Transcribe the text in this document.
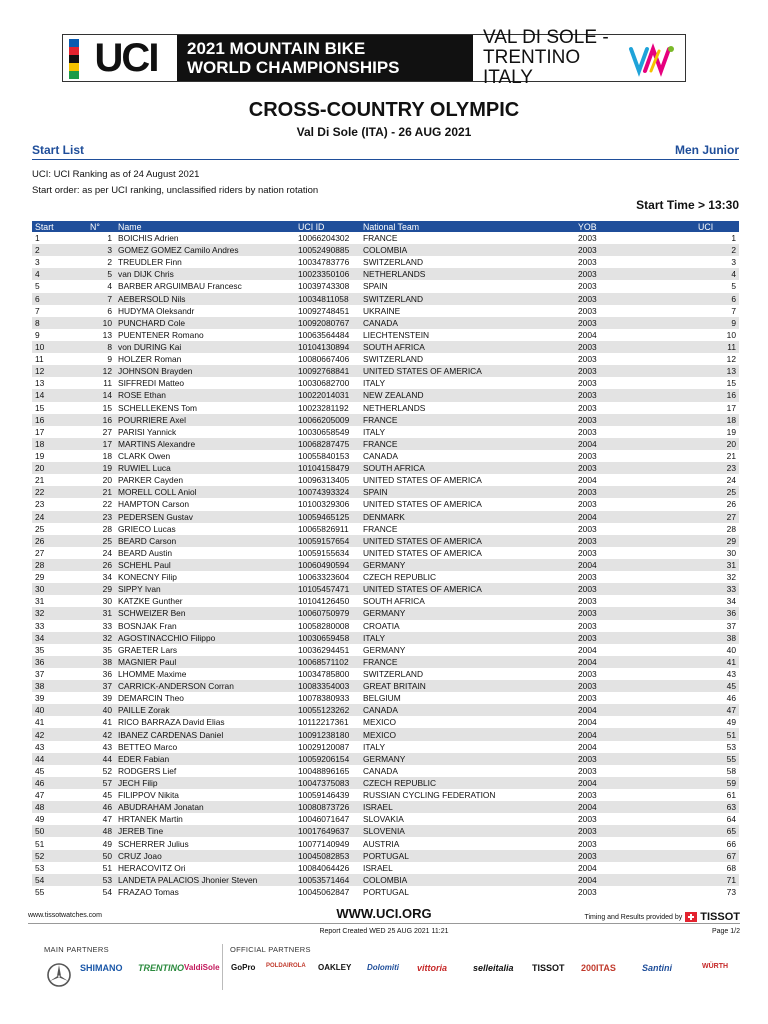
UCI 2021 MOUNTAIN BIKE
WORLD CHAMPIONSHIPS
VAL DI SOLE - TRENTINO
ITALY
CROSS-COUNTRY OLYMPIC
Val Di Sole (ITA) - 26 AUG 2021
Start List	Men Junior
UCI: UCI Ranking as of 24 August 2021
Start order: as per UCI ranking, unclassified riders by nation rotation
Start Time > 13:30
Start	N°	Name	UCI ID	National Team	YOB	UCI
1	1	BOICHIS Adrien	10066204302	FRANCE	2003	1
2	3	GOMEZ GOMEZ Camilo Andres	10052490885	COLOMBIA	2003	2
3	2	TREUDLER Finn	10034783776	SWITZERLAND	2003	3
4	5	van DIJK Chris	10023350106	NETHERLANDS	2003	4
5	4	BARBER ARGUIMBAU Francesc	10039743308	SPAIN	2003	5
6	7	AEBERSOLD Nils	10034811058	SWITZERLAND	2003	6
7	6	HUDYMA Oleksandr	10092748451	UKRAINE	2003	7
8	10	PUNCHARD Cole	10092080767	CANADA	2003	9
9	13	PUENTENER Romano	10063564484	LIECHTENSTEIN	2004	10
10	8	von DURING Kai	10104130894	SOUTH AFRICA	2003	11
11	9	HOLZER Roman	10080667406	SWITZERLAND	2003	12
12	12	JOHNSON Brayden	10092768841	UNITED STATES OF AMERICA	2003	13
13	11	SIFFREDI Matteo	10030682700	ITALY	2003	15
14	14	ROSE Ethan	10022014031	NEW ZEALAND	2003	16
15	15	SCHELLEKENS Tom	10023281192	NETHERLANDS	2003	17
16	16	POURRIERE Axel	10066205009	FRANCE	2003	18
17	27	PARISI Yannick	10030658549	ITALY	2003	19
18	17	MARTINS Alexandre	10068287475	FRANCE	2004	20
19	18	CLARK Owen	10055840153	CANADA	2003	21
20	19	RUWIEL Luca	10104158479	SOUTH AFRICA	2003	23
21	20	PARKER Cayden	10096313405	UNITED STATES OF AMERICA	2004	24
22	21	MORELL COLL Aniol	10074393324	SPAIN	2003	25
23	22	HAMPTON Carson	10100329306	UNITED STATES OF AMERICA	2003	26
24	23	PEDERSEN Gustav	10059465125	DENMARK	2004	27
25	28	GRIECO Lucas	10065826911	FRANCE	2003	28
26	25	BEARD Carson	10059157654	UNITED STATES OF AMERICA	2003	29
27	24	BEARD Austin	10059155634	UNITED STATES OF AMERICA	2003	30
28	26	SCHEHL Paul	10060490594	GERMANY	2004	31
29	34	KONECNY Filip	10063323604	CZECH REPUBLIC	2003	32
30	29	SIPPY Ivan	10105457471	UNITED STATES OF AMERICA	2003	33
31	30	KATZKE Gunther	10104126450	SOUTH AFRICA	2003	34
32	31	SCHWEIZER Ben	10060750979	GERMANY	2003	36
33	33	BOSNJAK Fran	10058280008	CROATIA	2003	37
34	32	AGOSTINACCHIO Filippo	10030659458	ITALY	2003	38
35	35	GRAETER Lars	10036294451	GERMANY	2004	40
36	38	MAGNIER Paul	10068571102	FRANCE	2004	41
37	36	LHOMME Maxime	10034785800	SWITZERLAND	2003	43
38	37	CARRICK-ANDERSON Corran	10083354003	GREAT BRITAIN	2003	45
39	39	DEMARCIN Theo	10078380933	BELGIUM	2003	46
40	40	PAILLE Zorak	10055123262	CANADA	2004	47
41	41	RICO BARRAZA David Elias	10112217361	MEXICO	2004	49
42	42	IBANEZ CARDENAS Daniel	10091238180	MEXICO	2004	51
43	43	BETTEO Marco	10029120087	ITALY	2004	53
44	44	EDER Fabian	10059206154	GERMANY	2003	55
45	52	RODGERS Lief	10048896165	CANADA	2003	58
46	57	JECH Filip	10047375083	CZECH REPUBLIC	2004	59
47	45	FILIPPOV Nikita	10059146439	RUSSIAN CYCLING FEDERATION	2003	61
48	46	ABUDRAHAM Jonatan	10080873726	ISRAEL	2004	63
49	47	HRTANEK Martin	10046071647	SLOVAKIA	2003	64
50	48	JEREB Tine	10017649637	SLOVENIA	2003	65
51	49	SCHERRER Julius	10077140949	AUSTRIA	2003	66
52	50	CRUZ Joao	10045082853	PORTUGAL	2003	67
53	51	HERACOVITZ Ori	10084064426	ISRAEL	2004	68
54	53	LANDETA PALACIOS Jhonier Steven	10053571464	COLOMBIA	2004	71
55	54	FRAZAO Tomas	10045062847	PORTUGAL	2003	73
www.tissotwatches.com	WWW.UCI.ORG	Timing and Results provided by TISSOT
Report Created WED 25 AUG 2021 11:21	Page 1/2
MAIN PARTNERS	OFFICIAL PARTNERS
SHIMANO TRENTINO ValdiSole GoPro POLDAIROLA OAKLEY Dolomiti vittoria	selleitalia TISSOT 200ITAS	Santini	WÜRTH
